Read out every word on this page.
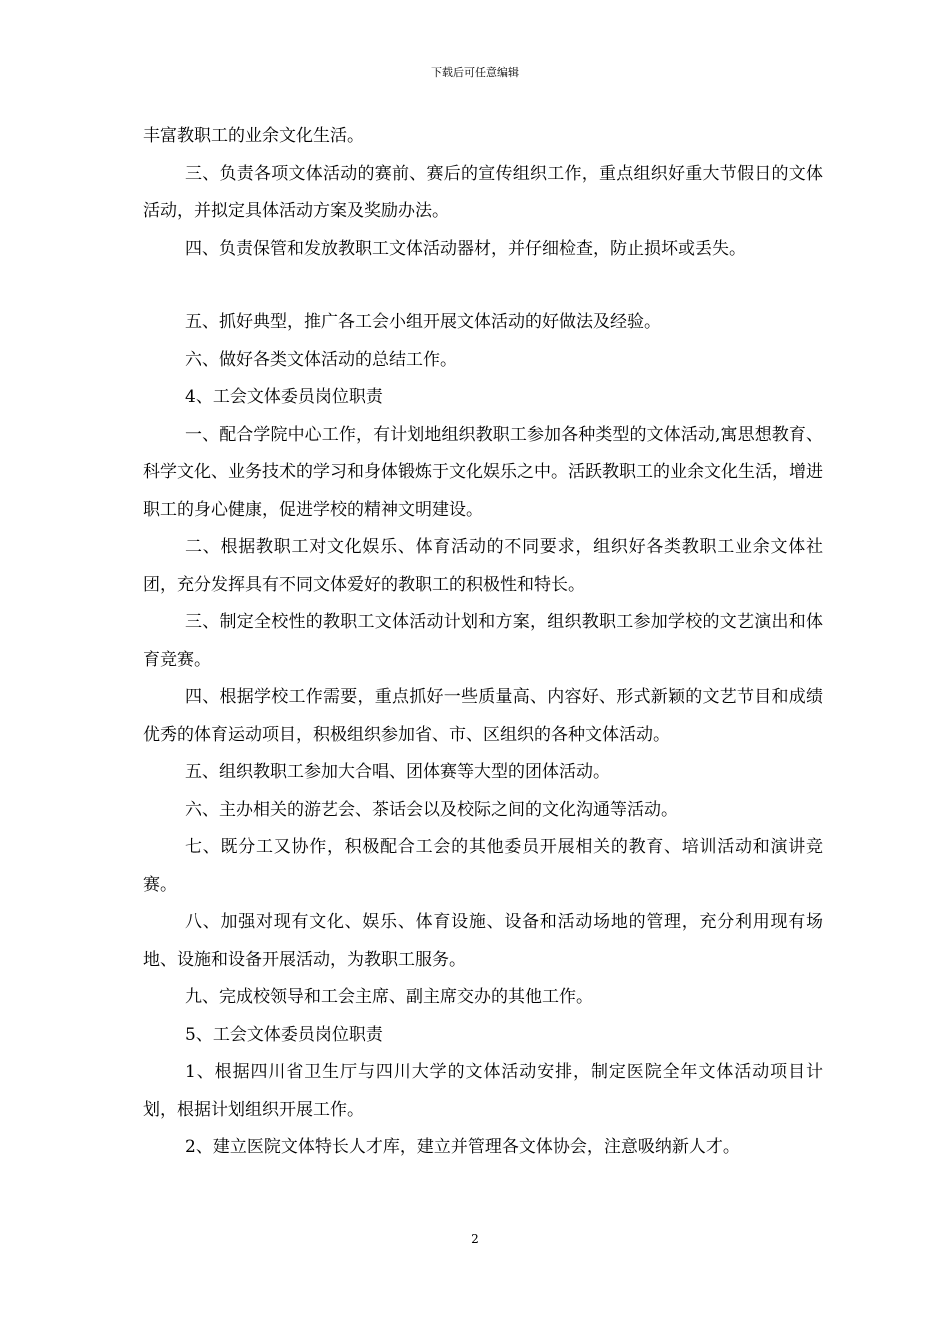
下载后可任意编辑

丰富教职工的业余文化生活。

三、负责各项文体活动的赛前、赛后的宣传组织工作，重点组织好重大节假日的文体活动，并拟定具体活动方案及奖励办法。

四、负责保管和发放教职工文体活动器材，并仔细检查，防止损坏或丢失。

五、抓好典型，推广各工会小组开展文体活动的好做法及经验。

六、做好各类文体活动的总结工作。

4、工会文体委员岗位职责

一、配合学院中心工作，有计划地组织教职工参加各种类型的文体活动,寓思想教育、科学文化、业务技术的学习和身体锻炼于文化娱乐之中。活跃教职工的业余文化生活，增进职工的身心健康，促进学校的精神文明建设。

二、根据教职工对文化娱乐、体育活动的不同要求，组织好各类教职工业余文体社团，充分发挥具有不同文体爱好的教职工的积极性和特长。

三、制定全校性的教职工文体活动计划和方案，组织教职工参加学校的文艺演出和体育竞赛。

四、根据学校工作需要，重点抓好一些质量高、内容好、形式新颖的文艺节目和成绩优秀的体育运动项目，积极组织参加省、市、区组织的各种文体活动。

五、组织教职工参加大合唱、团体赛等大型的团体活动。

六、主办相关的游艺会、茶话会以及校际之间的文化沟通等活动。

七、既分工又协作，积极配合工会的其他委员开展相关的教育、培训活动和演讲竞赛。

八、加强对现有文化、娱乐、体育设施、设备和活动场地的管理，充分利用现有场地、设施和设备开展活动，为教职工服务。

九、完成校领导和工会主席、副主席交办的其他工作。

5、工会文体委员岗位职责

1、根据四川省卫生厅与四川大学的文体活动安排，制定医院全年文体活动项目计划，根据计划组织开展工作。

2、建立医院文体特长人才库，建立并管理各文体协会，注意吸纳新人才。

2
